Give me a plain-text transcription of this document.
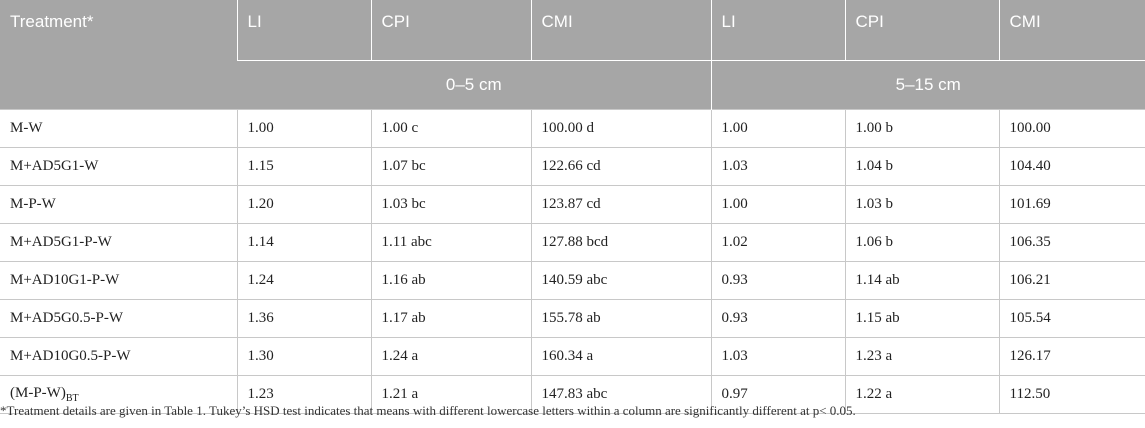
Treatment*	LI	CPI	CMI	LI	CPI	CMI
	0–5 cm			5–15 cm		
M-W	1.00	1.00 c	100.00 d	1.00	1.00 b	100.00
M+AD5G1-W	1.15	1.07 bc	122.66 cd	1.03	1.04 b	104.40
M-P-W	1.20	1.03 bc	123.87 cd	1.00	1.03 b	101.69
M+AD5G1-P-W	1.14	1.11 abc	127.88 bcd	1.02	1.06 b	106.35
M+AD10G1-P-W	1.24	1.16 ab	140.59 abc	0.93	1.14 ab	106.21
M+AD5G0.5-P-W	1.36	1.17 ab	155.78 ab	0.93	1.15 ab	105.54
M+AD10G0.5-P-W	1.30	1.24 a	160.34 a	1.03	1.23 a	126.17
$(M-P-W)_{BT}$	1.23	1.21 a	147.83 abc	0.97	1.22 a	112.50
*Treatment details are given in Table 1. Tukey’s HSD test indicates that means with different lowercase letters within a column are significantly different at p< 0.05.
